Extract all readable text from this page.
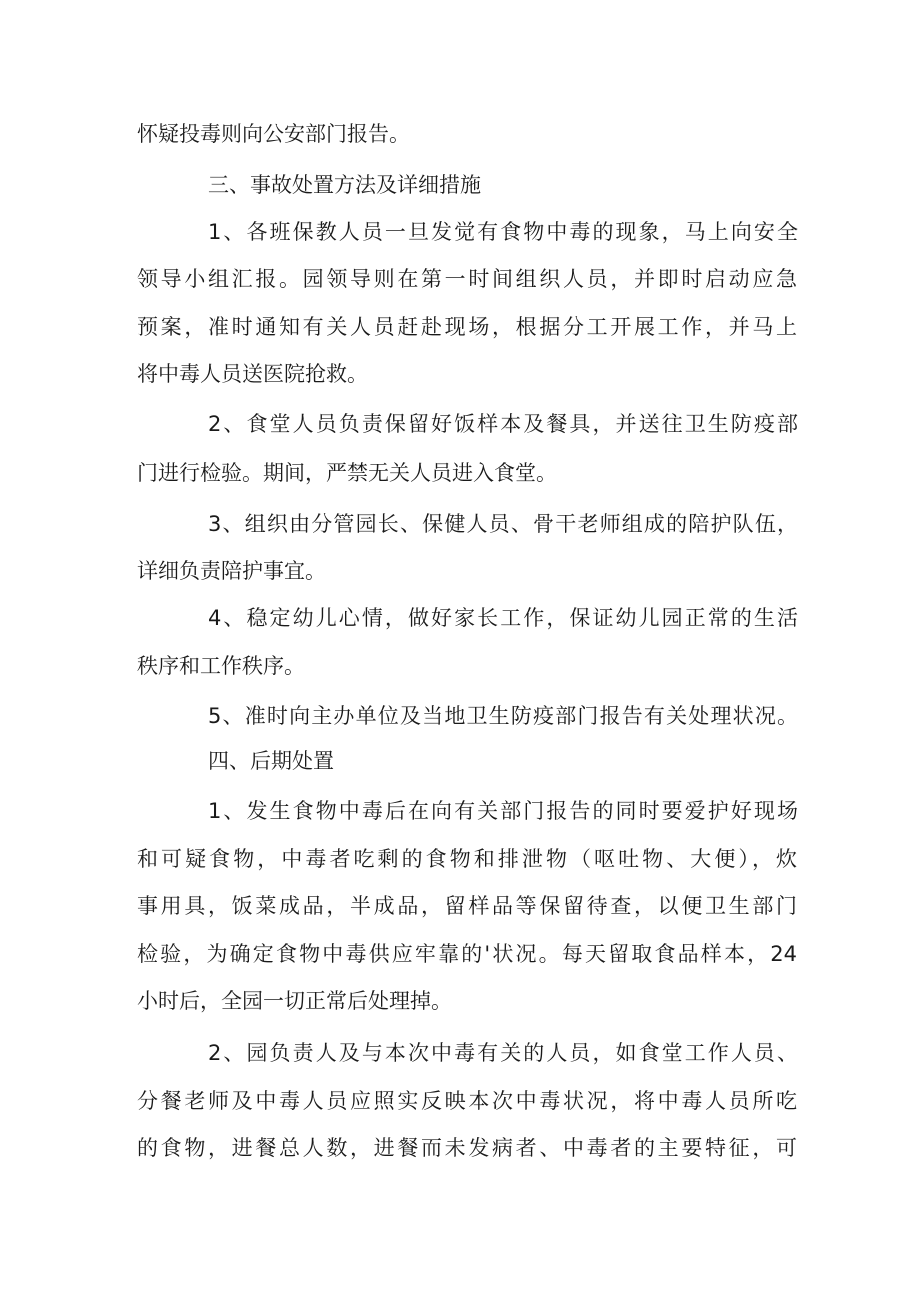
怀疑投毒则向公安部门报告。
三、事故处置方法及详细措施
1、各班保教人员一旦发觉有食物中毒的现象，马上向安全
领导小组汇报。园领导则在第一时间组织人员，并即时启动应急
预案，准时通知有关人员赶赴现场，根据分工开展工作，并马上
将中毒人员送医院抢救。
2、食堂人员负责保留好饭样本及餐具，并送往卫生防疫部
门进行检验。期间，严禁无关人员进入食堂。
3、组织由分管园长、保健人员、骨干老师组成的陪护队伍，
详细负责陪护事宜。
4、稳定幼儿心情，做好家长工作，保证幼儿园正常的生活
秩序和工作秩序。
5、准时向主办单位及当地卫生防疫部门报告有关处理状况。
四、后期处置
1、发生食物中毒后在向有关部门报告的同时要爱护好现场
和可疑食物，中毒者吃剩的食物和排泄物（呕吐物、大便），炊
事用具，饭菜成品，半成品，留样品等保留待查，以便卫生部门
检验，为确定食物中毒供应牢靠的'状况。每天留取食品样本，24
小时后，全园一切正常后处理掉。
2、园负责人及与本次中毒有关的人员，如食堂工作人员、
分餐老师及中毒人员应照实反映本次中毒状况，将中毒人员所吃
的食物，进餐总人数，进餐而未发病者、中毒者的主要特征，可
